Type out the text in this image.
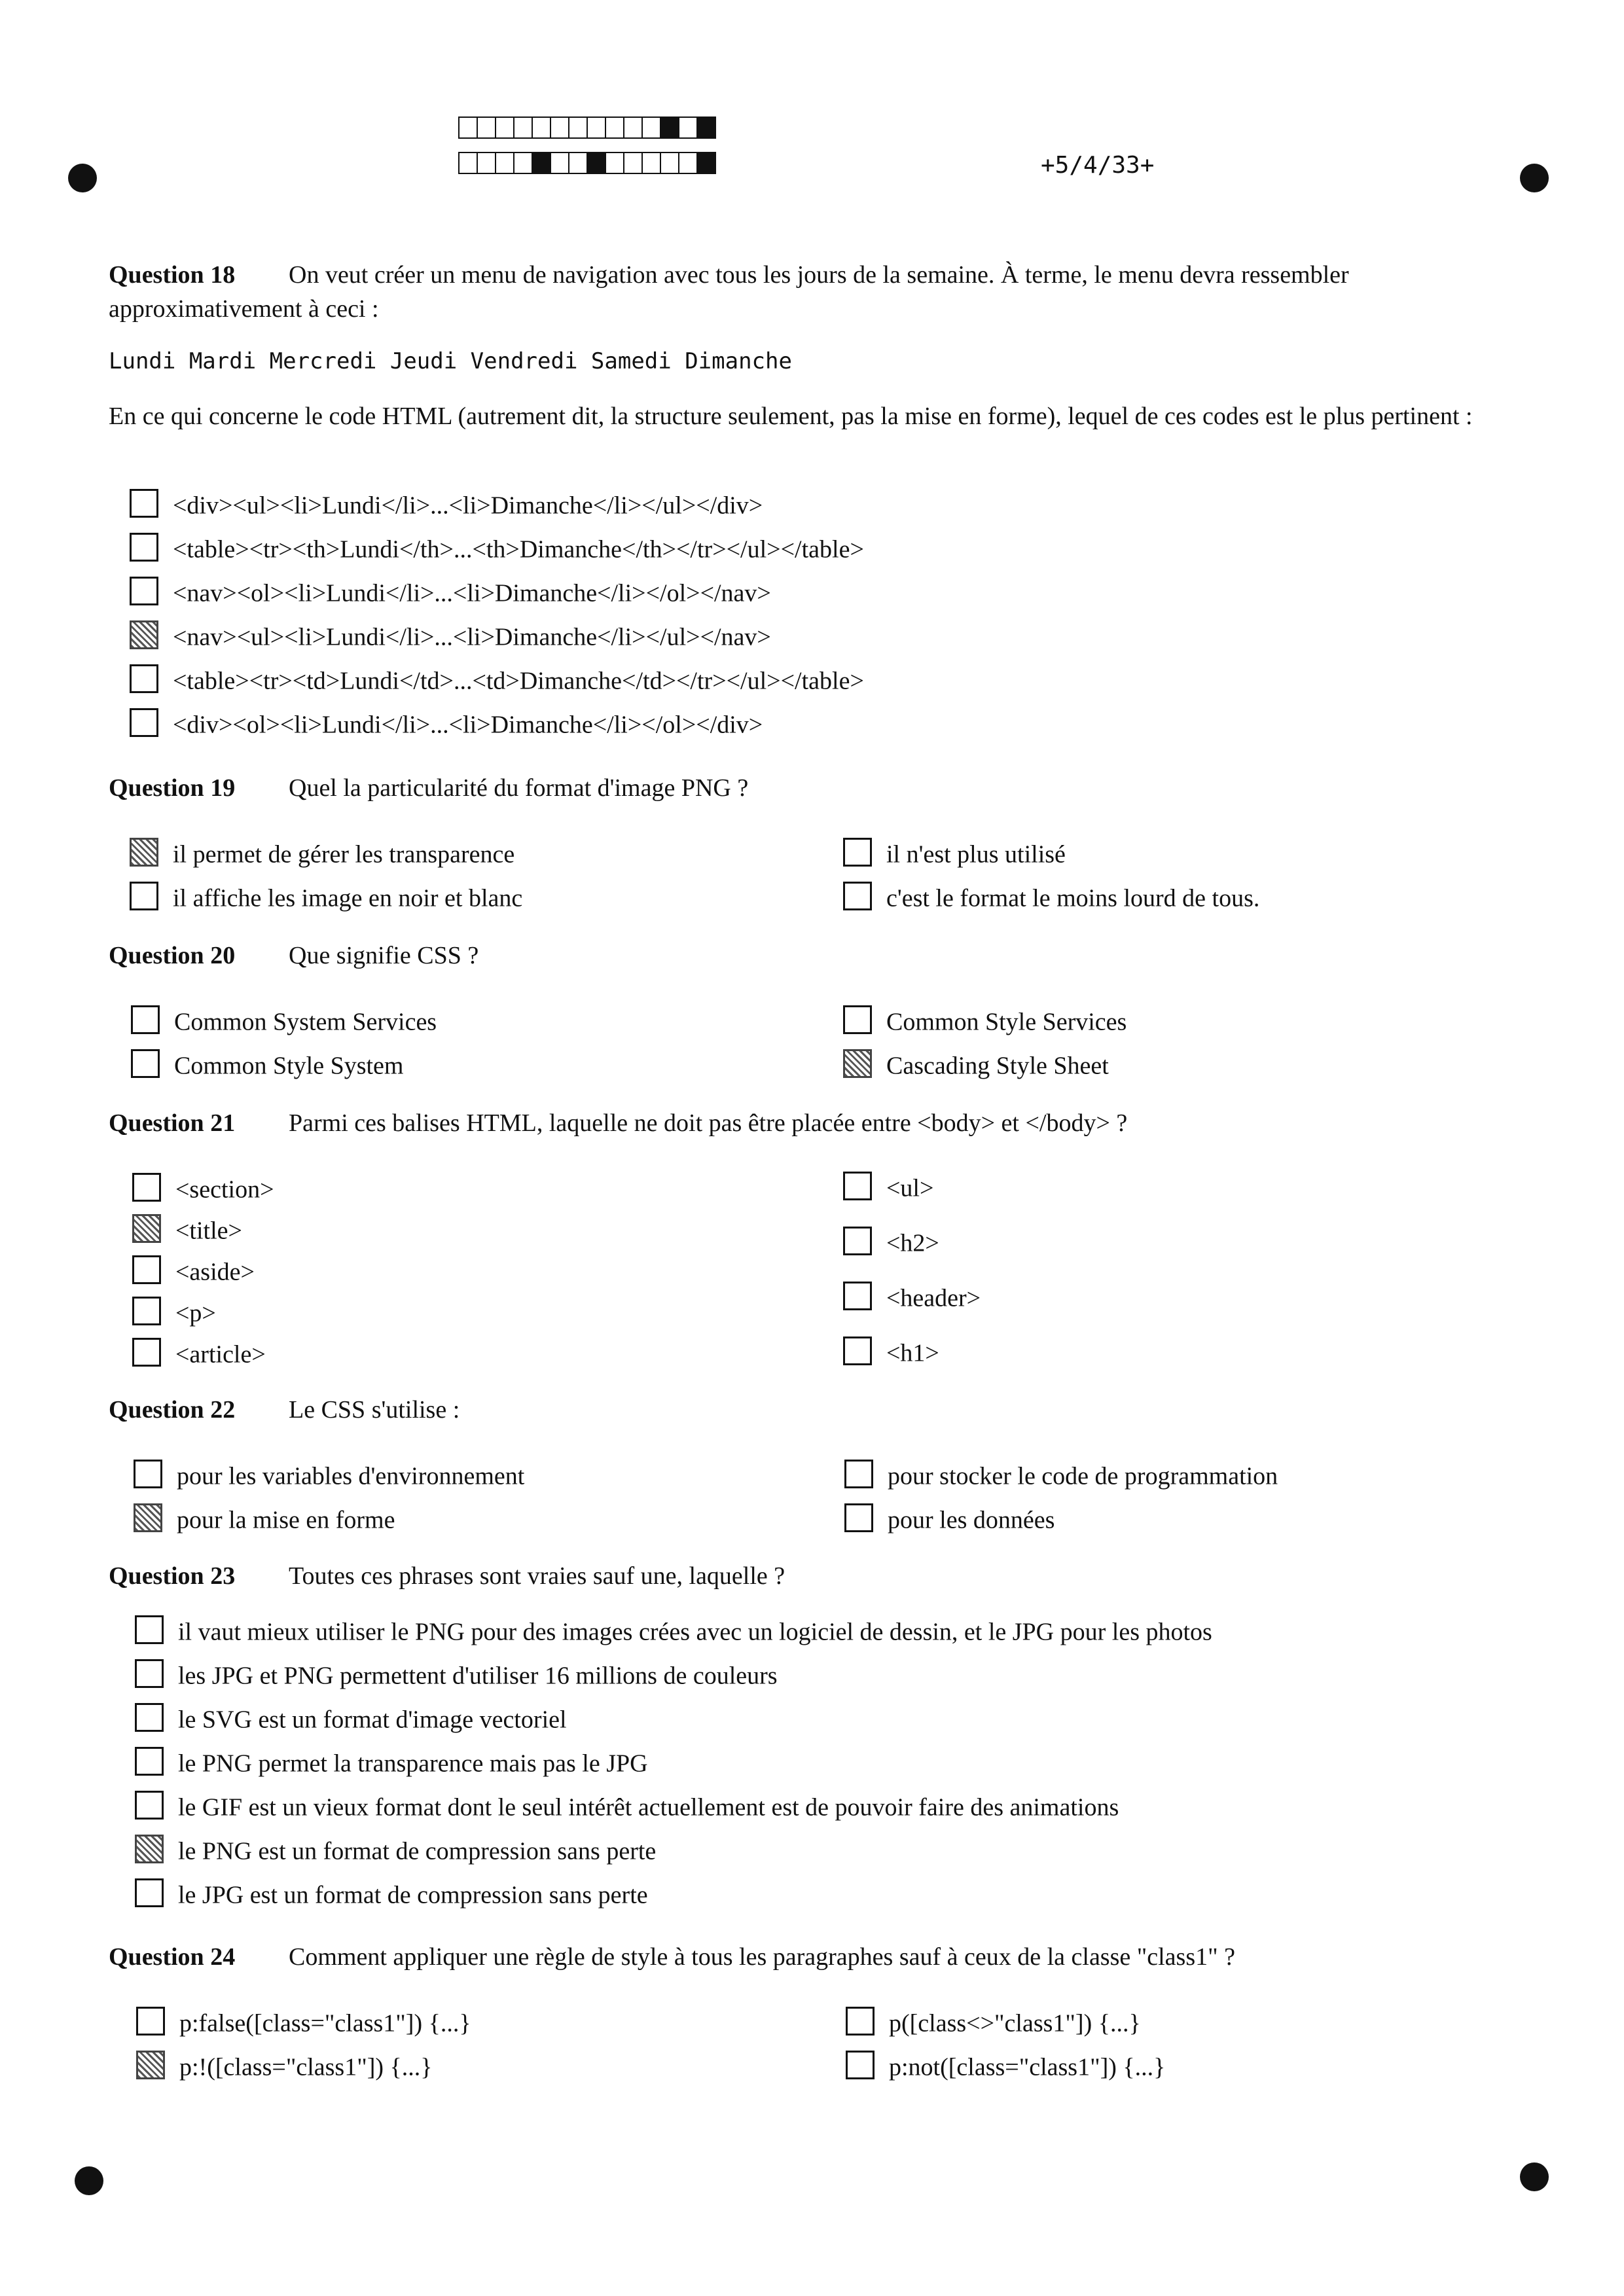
+5/4/33+
Question 18 On veut créer un menu de navigation avec tous les jours de la semaine. À terme, le menu devra ressembler approximativement à ceci :
Lundi Mardi Mercredi Jeudi Vendredi Samedi Dimanche
En ce qui concerne le code HTML (autrement dit, la structure seulement, pas la mise en forme), lequel de ces codes est le plus pertinent :
<div><ul><li>Lundi</li>...<li>Dimanche</li></ul></div>
<table><tr><th>Lundi</th>...<th>Dimanche</th></tr></ul></table>
<nav><ol><li>Lundi</li>...<li>Dimanche</li></ol></nav>
<nav><ul><li>Lundi</li>...<li>Dimanche</li></ul></nav>
<table><tr><td>Lundi</td>...<td>Dimanche</td></tr></ul></table>
<div><ol><li>Lundi</li>...<li>Dimanche</li></ol></div>
Question 19 Quel la particularité du format d'image PNG ?
il permet de gérer les transparence
il affiche les image en noir et blanc
il n'est plus utilisé
c'est le format le moins lourd de tous.
Question 20 Que signifie CSS ?
Common System Services
Common Style System
Common Style Services
Cascading Style Sheet
Question 21 Parmi ces balises HTML, laquelle ne doit pas être placée entre <body> et </body> ?
<section>
<title>
<aside>
<p>
<article>
<ul>
<h2>
<header>
<h1>
Question 22 Le CSS s'utilise :
pour les variables d'environnement
pour la mise en forme
pour stocker le code de programmation
pour les données
Question 23 Toutes ces phrases sont vraies sauf une, laquelle ?
il vaut mieux utiliser le PNG pour des images crées avec un logiciel de dessin, et le JPG pour les photos
les JPG et PNG permettent d'utiliser 16 millions de couleurs
le SVG est un format d'image vectoriel
le PNG permet la transparence mais pas le JPG
le GIF est un vieux format dont le seul intérêt actuellement est de pouvoir faire des animations
le PNG est un format de compression sans perte
le JPG est un format de compression sans perte
Question 24 Comment appliquer une règle de style à tous les paragraphes sauf à ceux de la classe "class1" ?
p:false([class="class1"]) {...}
p:!([class="class1"]) {...}
p([class<>"class1"]) {...}
p:not([class="class1"]) {...}
